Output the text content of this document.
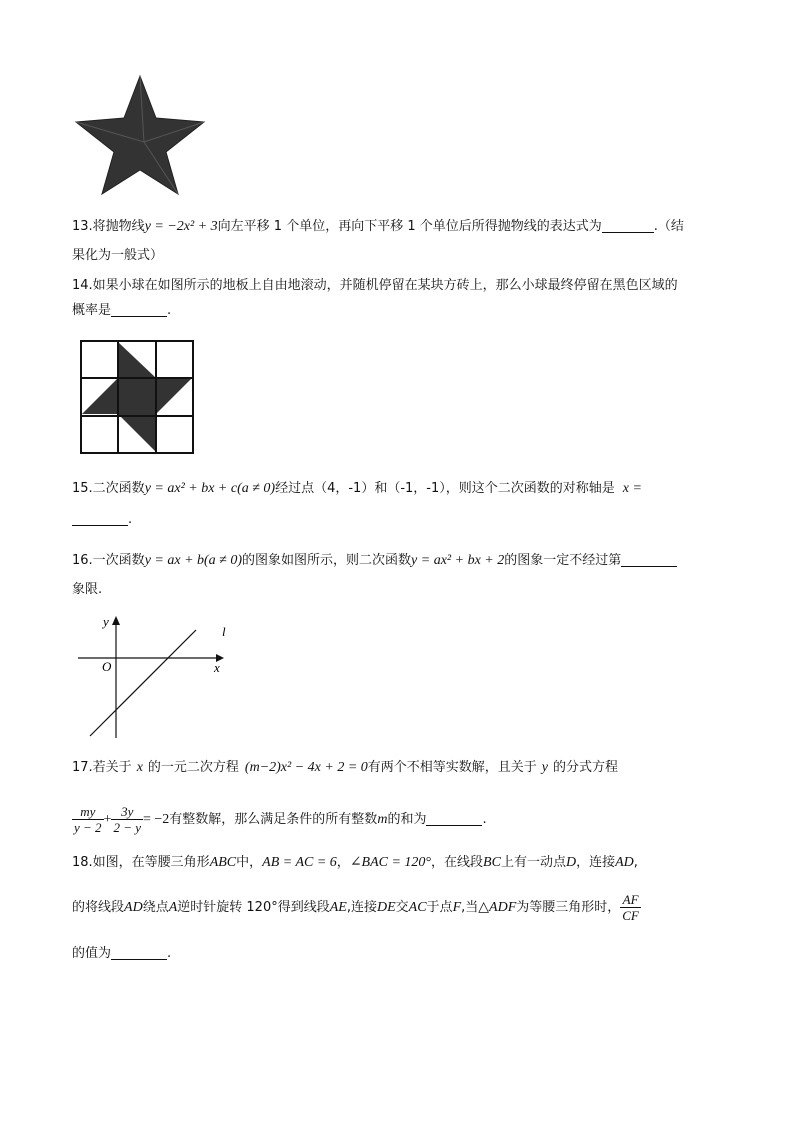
13.将抛物线y = −2x² + 3向左平移 1 个单位，再向下平移 1 个单位后所得抛物线的表达式为	.（结
果化为一般式）
14.如果小球在如图所示的地板上自由地滚动，并随机停留在某块方砖上，那么小球最终停留在黑色区域的
概率是	.
15.二次函数y = ax² + bx + c(a ≠ 0)经过点（4，-1）和（-1，-1），则这个二次函数的对称轴是 x =
.
16.一次函数y = ax + b(a ≠ 0)的图象如图所示，则二次函数y = ax² + bx + 2的图象一定不经过第
象限.
y
x
O
l
17.若关于 x 的一元二次方程 (m−2)x² − 4x + 2 = 0有两个不相等实数解，且关于 y 的分式方程
$\frac{my}{y - 2} + \frac{3y}{2 - y} = -2$有整数解，那么满足条件的所有整数m的和为	.
18.如图，在等腰三角形ABC中，AB = AC = 6，∠BAC = 120°，在线段BC上有一动点D，连接AD,
的将线段AD绕点A逆时针旋转 120°得到线段AE,连接DE交AC于点F,当△ADF为等腰三角形时， $\frac{AF}{CF}$
的值为	.
